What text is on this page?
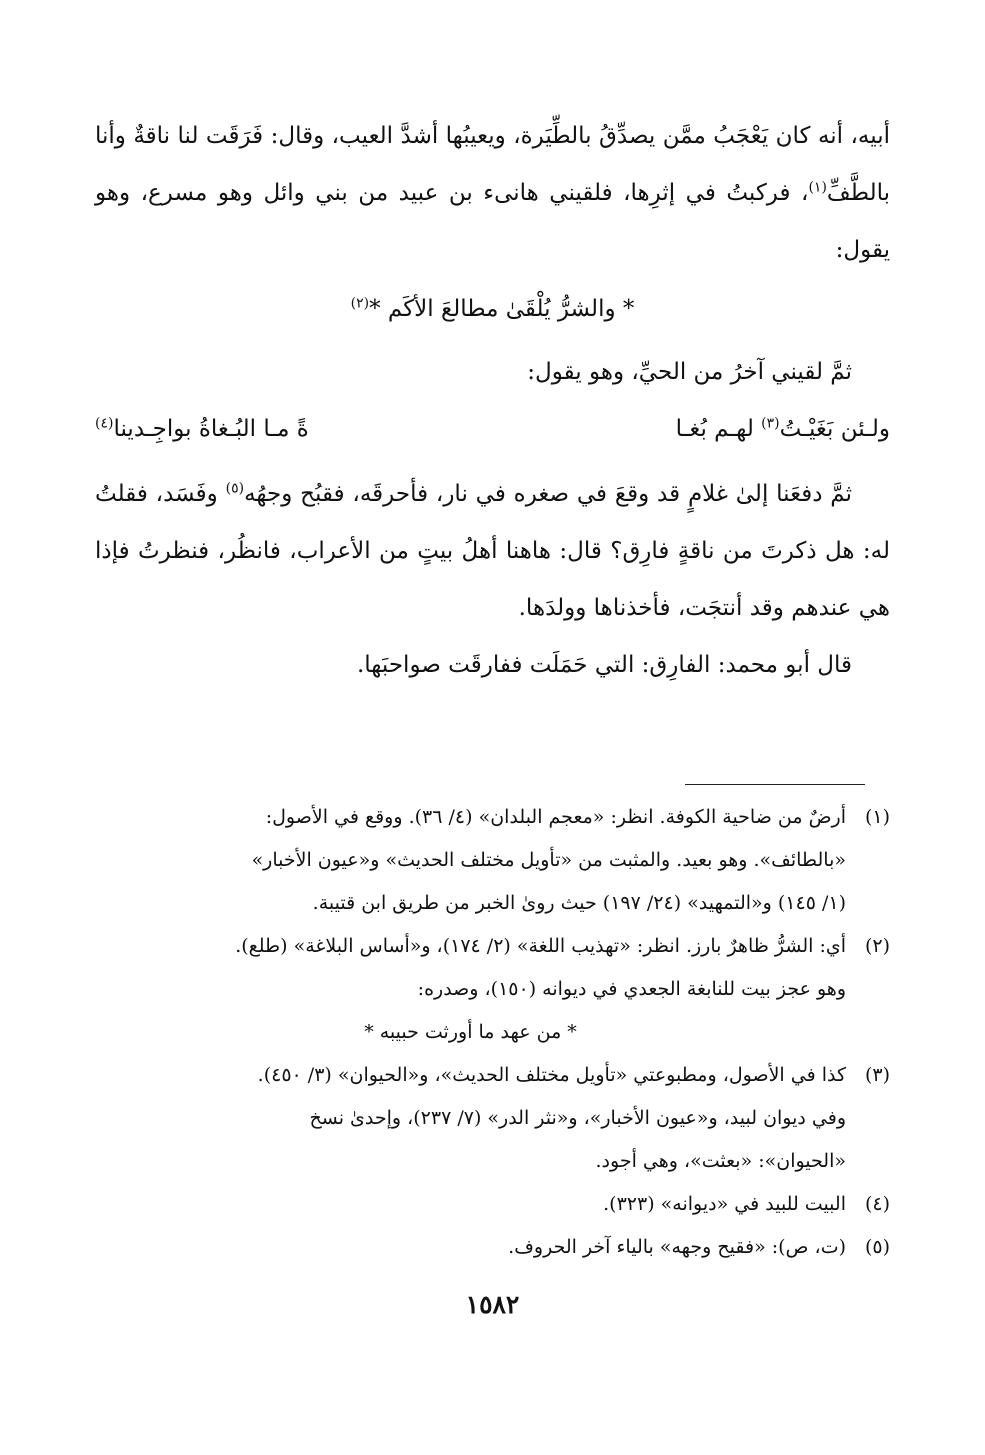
أبيه، أنه كان يَعْجَبُ ممَّن يصدِّقُ بالطِّيَرة، ويعيبُها أشدَّ العيب، وقال: فَرَقَت لنا ناقةٌ وأنا بالطَّفِّ$^{(١)}$، فركبتُ في إثرِها، فلقيني هانىء بن عبيد من بني وائل وهو مسرع، وهو يقول:

* والشرُّ يُلْقَىٰ مطالعَ الأكَم *$^{(٢)}$

ثمَّ لقيني آخرُ من الحيِّ، وهو يقول:

ولـئن بَغَيْـتُ$^{(٣)}$ لهـم بُغـا
ةً مـا البُـغاةُ بواجِـدينا$^{(٤)}$

ثمَّ دفعَنا إلىٰ غلامٍ قد وقعَ في صغره في نار، فأحرقَه، فقبُح وجهُه$^{(٥)}$ وفَسَد، فقلتُ له: هل ذكرتَ من ناقةٍ فارِق؟ قال: هاهنا أهلُ بيتٍ من الأعراب، فانظُر، فنظرتُ فإذا هي عندهم وقد أنتجَت، فأخذناها وولدَها.

قال أبو محمد: الفارِق: التي حَمَلَت ففارقَت صواحبَها.

(١)
أرضٌ من ضاحية الكوفة. انظر: «معجم البلدان» (٤/ ٣٦). ووقع في الأصول:
«بالطائف». وهو بعيد. والمثبت من «تأويل مختلف الحديث» و«عيون الأخبار»
(١/ ١٤٥) و«التمهيد» (٢٤/ ١٩٧) حيث روىٰ الخبر من طريق ابن قتيبة.
(٢)
أي: الشرُّ ظاهرٌ بارز. انظر: «تهذيب اللغة» (٢/ ١٧٤)، و«أساس البلاغة» (طلع).
وهو عجز بيت للنابغة الجعدي في ديوانه (١٥٠)، وصدره:
* من عهد ما أورثت حبيبه *
(٣)
كذا في الأصول، ومطبوعتي «تأويل مختلف الحديث»، و«الحيوان» (٣/ ٤٥٠).
وفي ديوان لبيد، و«عيون الأخبار»، و«نثر الدر» (٧/ ٢٣٧)، وإحدىٰ نسخ
«الحيوان»: «بعثت»، وهي أجود.
(٤)
البيت للبيد في «ديوانه» (٣٢٣).
(٥)
(ت، ص): «فقيح وجهه» بالياء آخر الحروف.
١٥٨٢
